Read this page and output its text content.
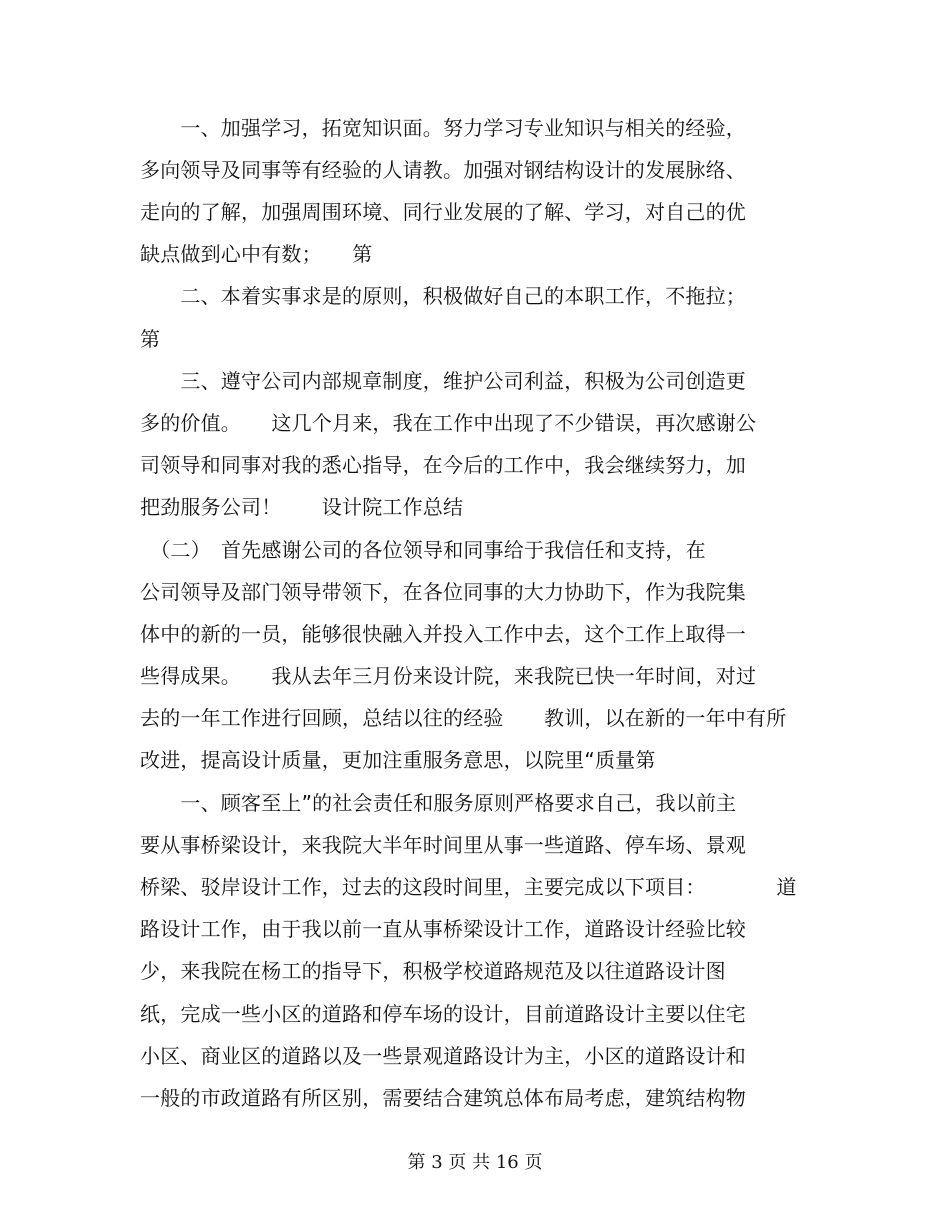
　　一、加强学习，拓宽知识面。努力学习专业知识与相关的经验，
多向领导及同事等有经验的人请教。加强对钢结构设计的发展脉络、
走向的了解，加强周围环境、同行业发展的了解、学习，对自己的优
缺点做到心中有数；　　第
　　二、本着实事求是的原则，积极做好自己的本职工作，不拖拉；
第
　　三、遵守公司内部规章制度，维护公司利益，积极为公司创造更
多的价值。　　这几个月来，我在工作中出现了不少错误，再次感谢公
司领导和同事对我的悉心指导，在今后的工作中，我会继续努力，加
把劲服务公司！　　设计院工作总结
　（二）　首先感谢公司的各位领导和同事给于我信任和支持，在
公司领导及部门领导带领下，在各位同事的大力协助下，作为我院集
体中的新的一员，能够很快融入并投入工作中去，这个工作上取得一
些得成果。　　我从去年三月份来设计院，来我院已快一年时间，对过
去的一年工作进行回顾，总结以往的经验　　教训，以在新的一年中有所
改进，提高设计质量，更加注重服务意思，以院里“质量第
　　一、顾客至上”的社会责任和服务原则严格要求自己，我以前主
要从事桥梁设计，来我院大半年时间里从事一些道路、停车场、景观
桥梁、驳岸设计工作，过去的这段时间里，主要完成以下项目：　　　　道
路设计工作，由于我以前一直从事桥梁设计工作，道路设计经验比较
少，来我院在杨工的指导下，积极学校道路规范及以往道路设计图
纸，完成一些小区的道路和停车场的设计，目前道路设计主要以住宅
小区、商业区的道路以及一些景观道路设计为主，小区的道路设计和
一般的市政道路有所区别，需要结合建筑总体布局考虑，建筑结构物
第 3 页 共 16 页
